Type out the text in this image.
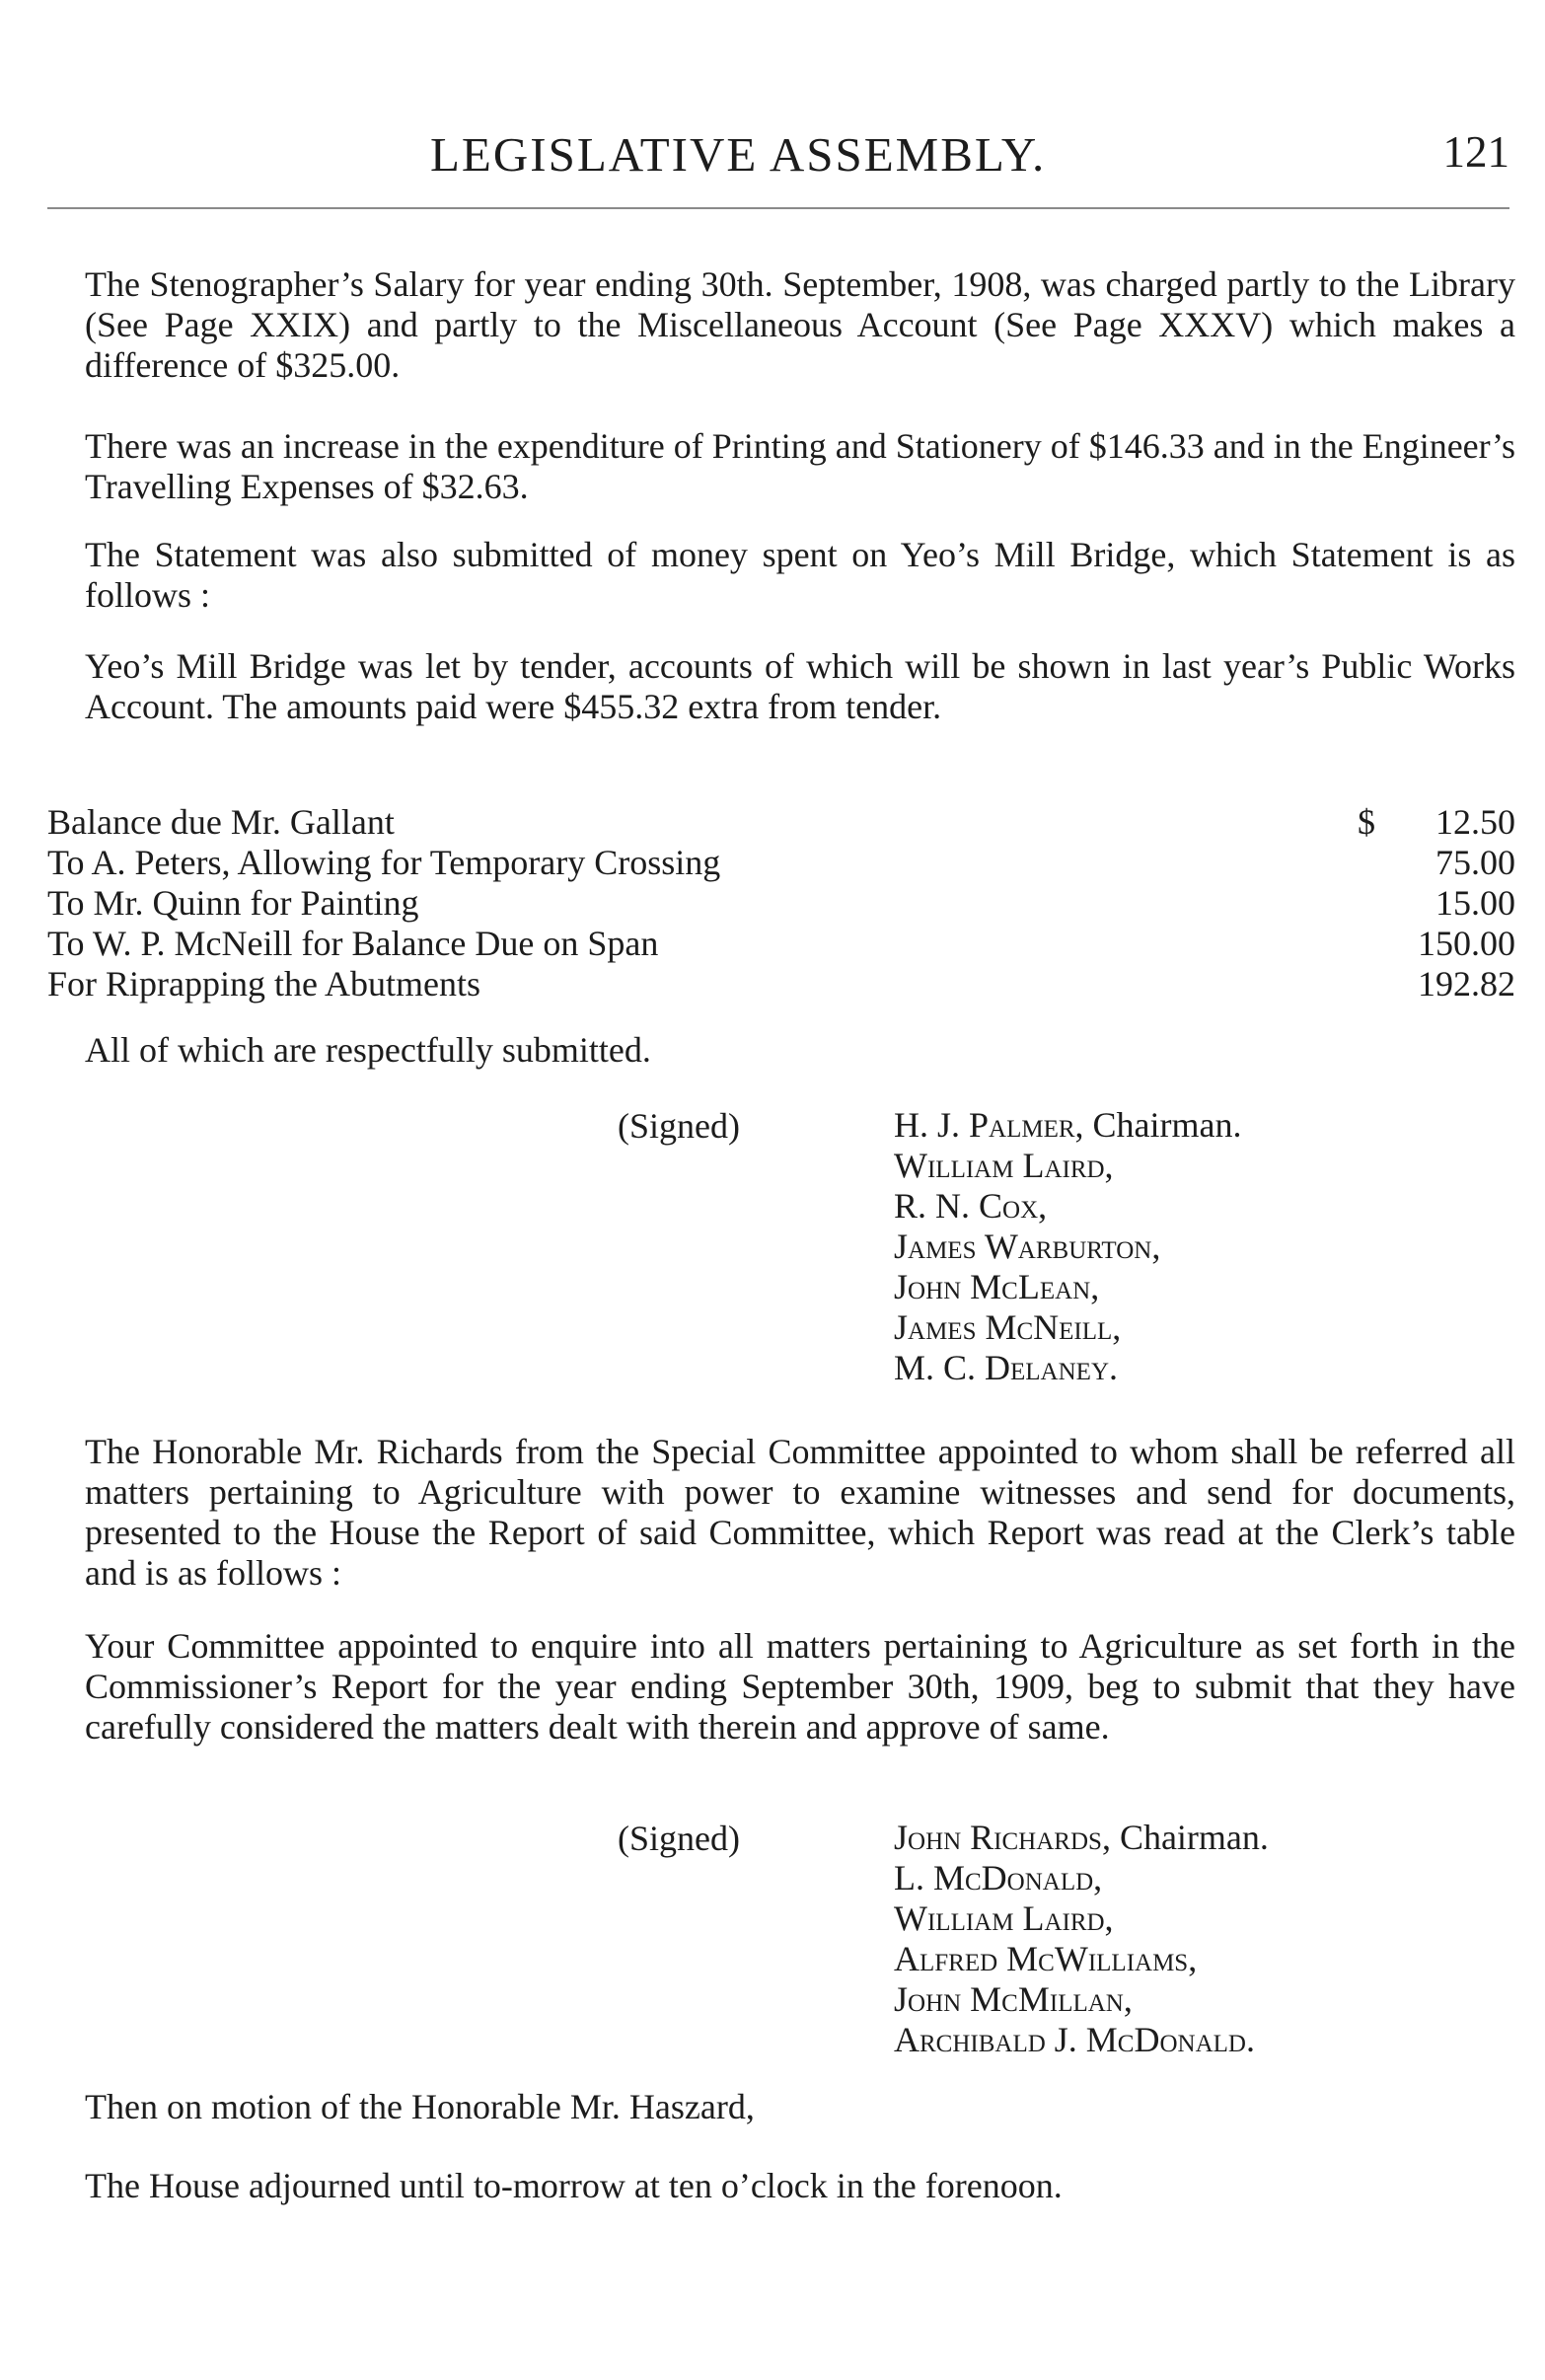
LEGISLATIVE ASSEMBLY.	121

The Stenographer’s Salary for year ending 30th. September, 1908, was charged partly to the Library (See Page XXIX) and partly to the Miscellaneous Account (See Page XXXV) which makes a difference of $325.00.

There was an increase in the expenditure of Printing and Stationery of $146.33 and in the Engineer’s Travelling Expenses of $32.63.

The Statement was also submitted of money spent on Yeo’s Mill Bridge, which Statement is as follows :

Yeo’s Mill Bridge was let by tender, accounts of which will be shown in last year’s Public Works Account. The amounts paid were $455.32 extra from tender.

Balance due Mr. Gallant	$ 12.50
To A. Peters, Allowing for Temporary Crossing	75.00
To Mr. Quinn for Painting	15.00
To W. P. McNeill for Balance Due on Span	150.00
For Riprapping the Abutments	192.82
All of which are respectfully submitted.
(Signed)	H. J. Palmer, Chairman.
William Laird,
R. N. Cox,
James Warburton,
John McLean,
James McNeill,
M. C. Delaney.

The Honorable Mr. Richards from the Special Committee appointed to whom shall be referred all matters pertaining to Agriculture with power to examine witnesses and send for documents, presented to the House the Report of said Committee, which Report was read at the Clerk’s table and is as follows :

Your Committee appointed to enquire into all matters pertaining to Agriculture as set forth in the Commissioner’s Report for the year ending September 30th, 1909, beg to submit that they have carefully considered the matters dealt with therein and approve of same.

(Signed)	John Richards, Chairman.
L. McDonald,
William Laird,
Alfred McWilliams,
John McMillan,
Archibald J. McDonald.
Then on motion of the Honorable Mr. Haszard,
The House adjourned until to-morrow at ten o’clock in the forenoon.
